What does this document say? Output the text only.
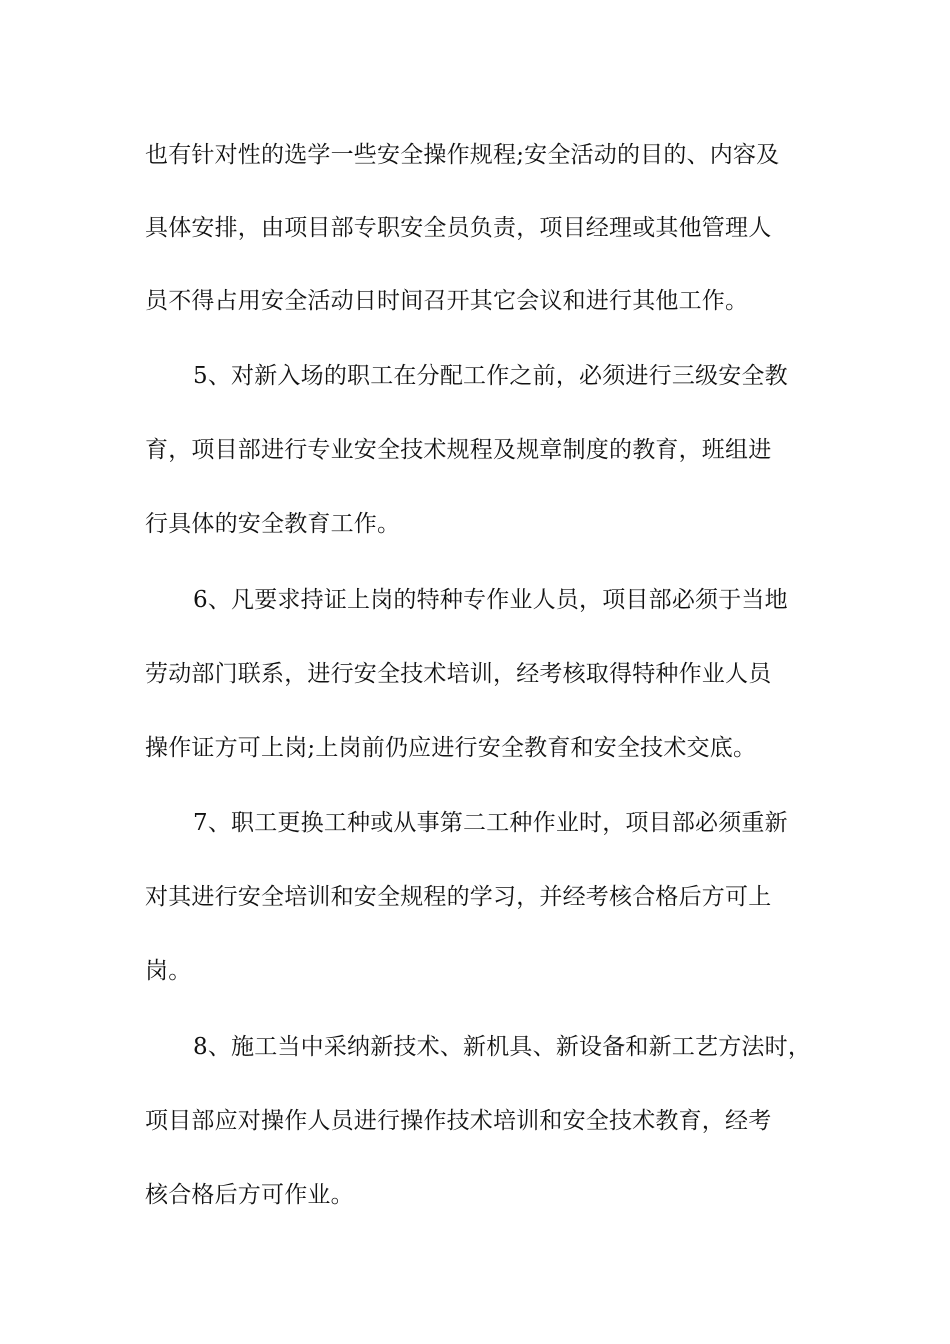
也有针对性的选学一些安全操作规程;安全活动的目的、内容及
具体安排，由项目部专职安全员负责，项目经理或其他管理人
员不得占用安全活动日时间召开其它会议和进行其他工作。
5、对新入场的职工在分配工作之前，必须进行三级安全教
育，项目部进行专业安全技术规程及规章制度的教育，班组进
行具体的安全教育工作。
6、凡要求持证上岗的特种专作业人员，项目部必须于当地
劳动部门联系，进行安全技术培训，经考核取得特种作业人员
操作证方可上岗;上岗前仍应进行安全教育和安全技术交底。
7、职工更换工种或从事第二工种作业时，项目部必须重新
对其进行安全培训和安全规程的学习，并经考核合格后方可上
岗。
8、施工当中采纳新技术、新机具、新设备和新工艺方法时，
项目部应对操作人员进行操作技术培训和安全技术教育，经考
核合格后方可作业。
